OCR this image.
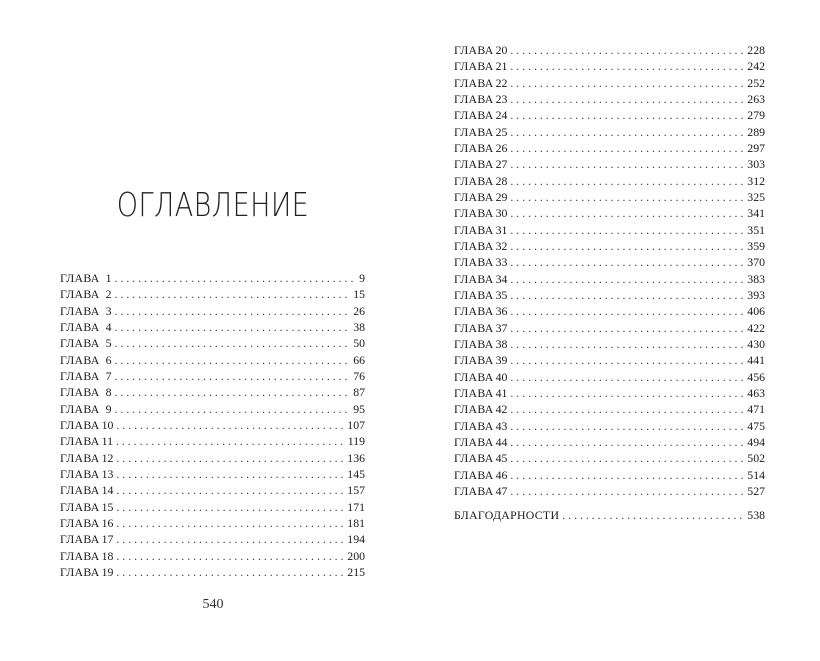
ОГЛАВЛЕНИЕ
ГЛАВА 1 . . .	9
ГЛАВА 2 . . .	15
ГЛАВА 3 . . .	26
ГЛАВА 4 . . .	38
ГЛАВА 5 . . .	50
ГЛАВА 6 . . .	66
ГЛАВА 7 . . .	76
ГЛАВА 8 . . .	87
ГЛАВА 9 . . .	95
ГЛАВА 10 . . .	107
ГЛАВА 11 . . .	119
ГЛАВА 12 . . .	136
ГЛАВА 13 . . .	145
ГЛАВА 14 . . .	157
ГЛАВА 15 . . .	171
ГЛАВА 16 . . .	181
ГЛАВА 17 . . .	194
ГЛАВА 18 . . .	200
ГЛАВА 19 . . .	215
540
ГЛАВА 20 . . .	228
ГЛАВА 21 . . .	242
ГЛАВА 22 . . .	252
ГЛАВА 23 . . .	263
ГЛАВА 24 . . .	279
ГЛАВА 25 . . .	289
ГЛАВА 26 . . .	297
ГЛАВА 27 . . .	303
ГЛАВА 28 . . .	312
ГЛАВА 29 . . .	325
ГЛАВА 30 . . .	341
ГЛАВА 31 . . .	351
ГЛАВА 32 . . .	359
ГЛАВА 33 . . .	370
ГЛАВА 34 . . .	383
ГЛАВА 35 . . .	393
ГЛАВА 36 . . .	406
ГЛАВА 37 . . .	422
ГЛАВА 38 . . .	430
ГЛАВА 39 . . .	441
ГЛАВА 40 . . .	456
ГЛАВА 41 . . .	463
ГЛАВА 42 . . .	471
ГЛАВА 43 . . .	475
ГЛАВА 44 . . .	494
ГЛАВА 45 . . .	502
ГЛАВА 46 . . .	514
ГЛАВА 47 . . .	527
БЛАГОДАРНОСТИ . . .	538
